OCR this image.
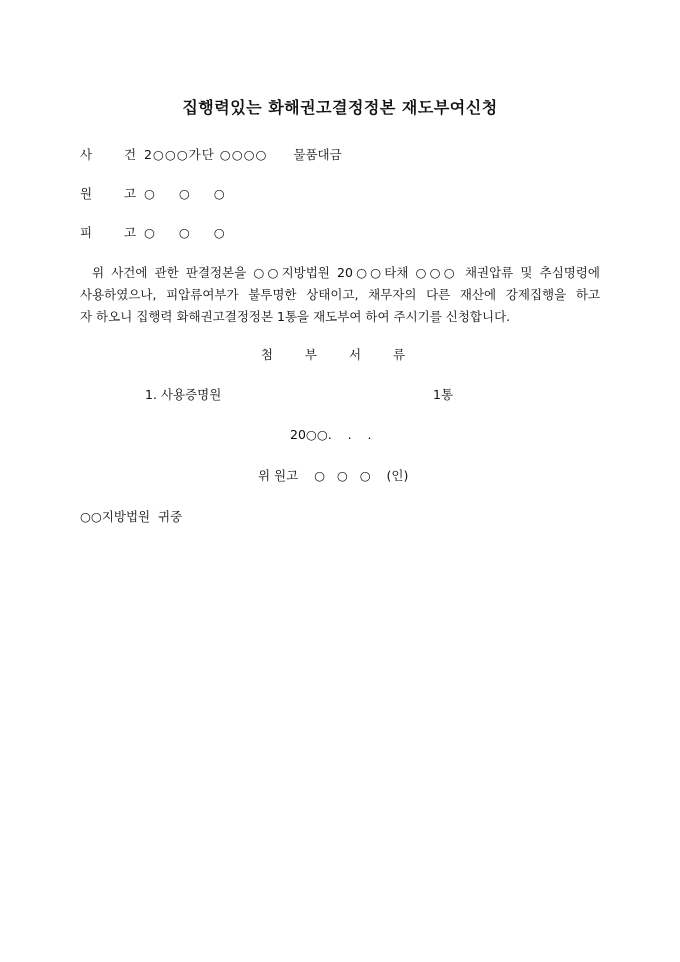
집행력있는 화해권고결정정본 재도부여신청
사 건 2○○○가단 ○○○○ 물품대금
원 고 ○ ○ ○
피 고 ○ ○ ○
위 사건에 관한 판결정본을 ○○지방법원 20○○타채 ○○○ 채권압류 및 추심명령에
사용하였으나, 피압류여부가 불투명한 상태이고, 채무자의 다른 재산에 강제집행을 하고
자 하오니 집행력 화해권고결정정본 1통을 재도부여 하여 주시기를 신청합니다.
첨 부 서 류
1. 사용증명원	1통
20○○.    .    .
위 원고    ○   ○   ○    (인)
○○지방법원  귀중
